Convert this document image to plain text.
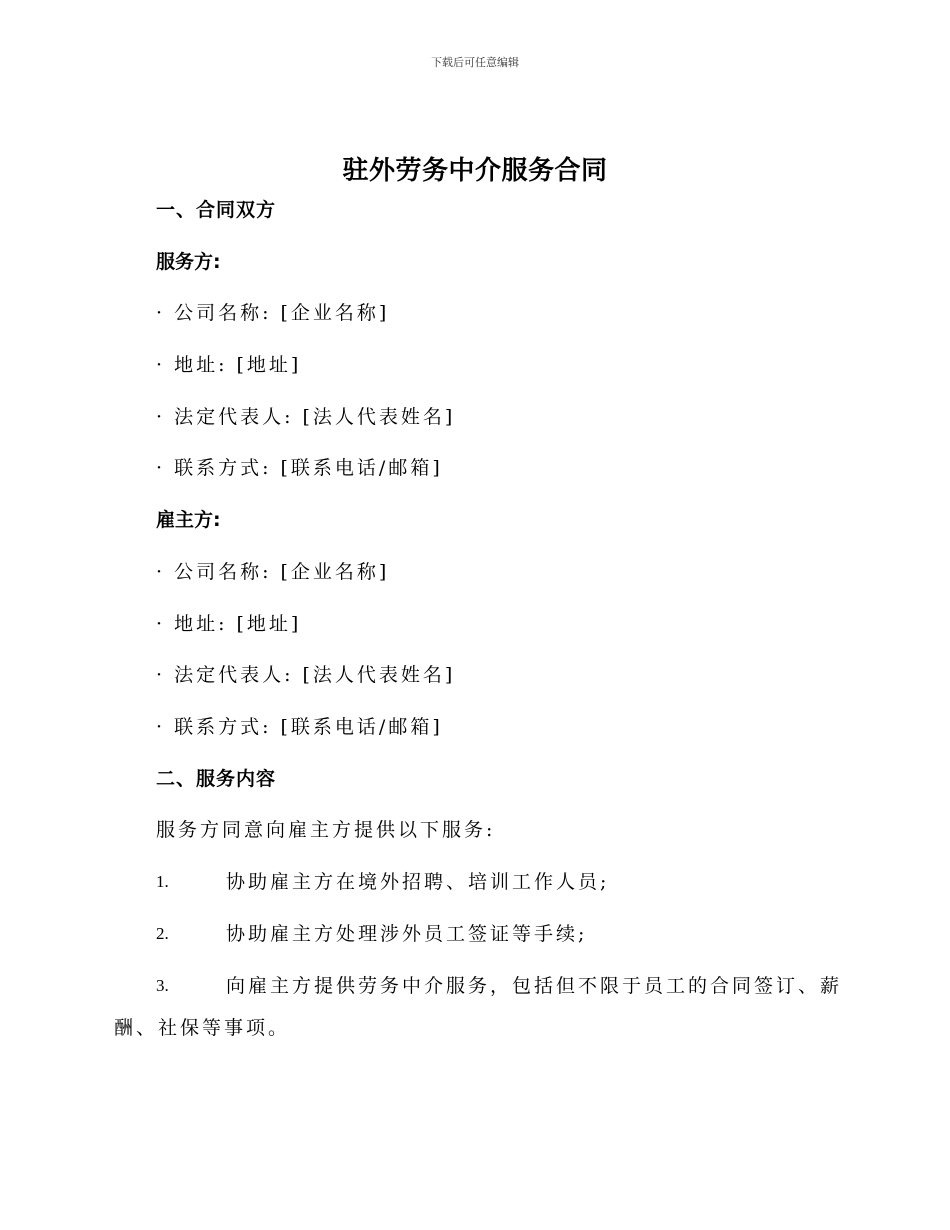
下载后可任意编辑
驻外劳务中介服务合同
一、合同双方
服务方:
· 公司名称: [企业名称]
· 地址: [地址]
· 法定代表人: [法人代表姓名]
· 联系方式: [联系电话/邮箱]
雇主方:
· 公司名称: [企业名称]
· 地址: [地址]
· 法定代表人: [法人代表姓名]
· 联系方式: [联系电话/邮箱]
二、服务内容
服务方同意向雇主方提供以下服务:
1.	协助雇主方在境外招聘、培训工作人员;
2.	协助雇主方处理涉外员工签证等手续;
3.	向雇主方提供劳务中介服务，包括但不限于员工的合同签订、薪
酬、社保等事项。
